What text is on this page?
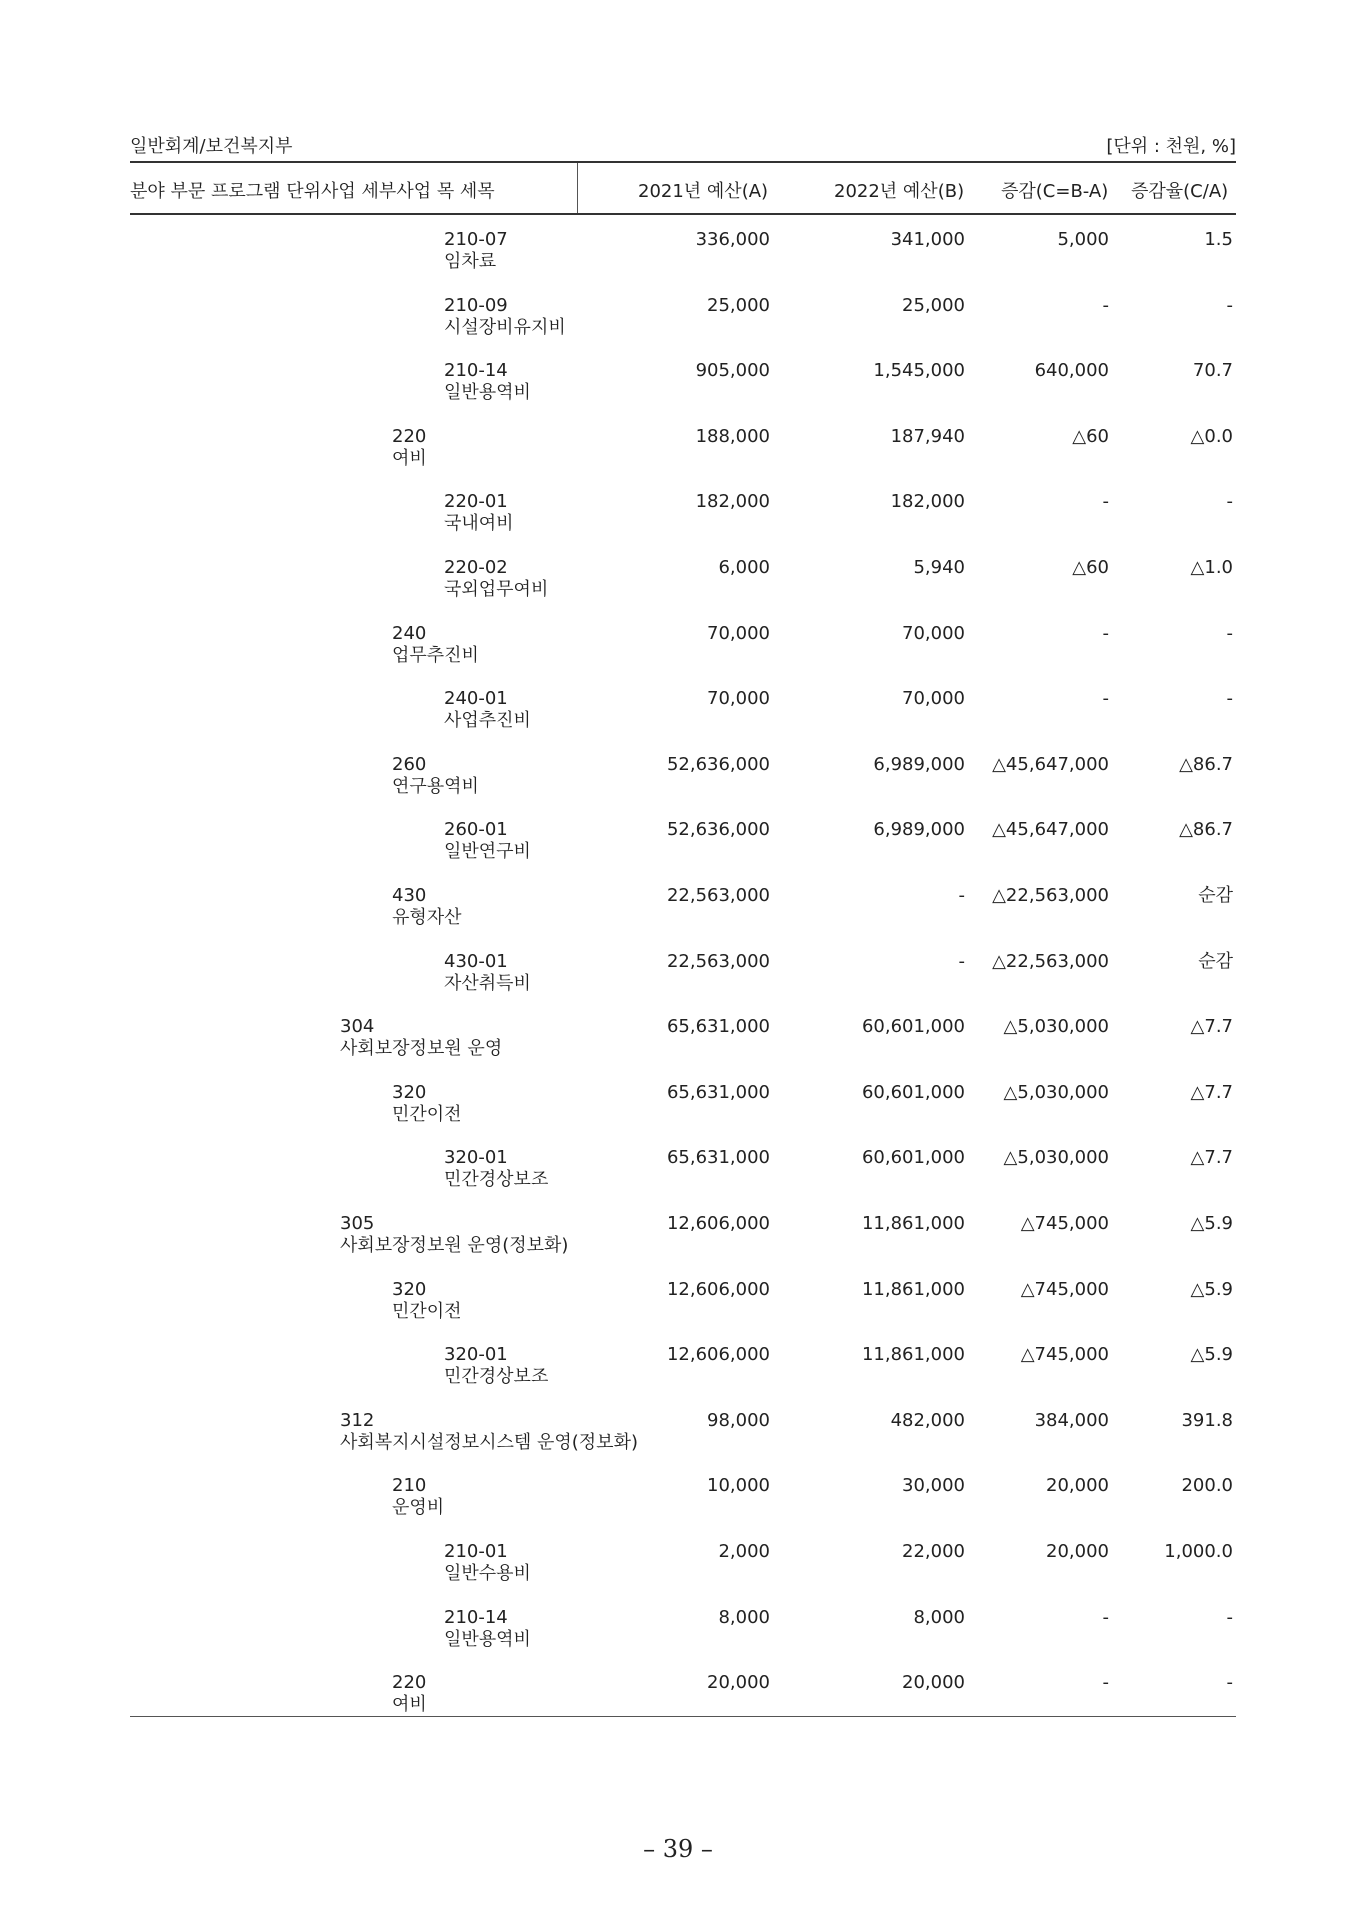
일반회계/보건복지부	[단위 : 천원, %]
분야 부문 프로그램 단위사업 세부사업 목 세목	2021년 예산(A)	2022년 예산(B) 증감(C=B-A) 증감율(C/A)
210-07
임차료
336,000	341,000	5,000	1.5
210-09
시설장비유지비
25,000	25,000	-	-
210-14
일반용역비
905,000	1,545,000	640,000	70.7
220
여비
188,000	187,940	△60	△0.0
220-01
국내여비
182,000	182,000	-	-
220-02
국외업무여비
6,000	5,940	△60	△1.0
240
업무추진비
70,000	70,000	-	-
240-01
사업추진비
70,000	70,000	-	-
260
연구용역비
52,636,000	6,989,000 △45,647,000	△86.7
260-01
일반연구비
52,636,000	6,989,000 △45,647,000	△86.7
430
유형자산
22,563,000	- △22,563,000	순감
430-01
자산취득비
22,563,000	- △22,563,000	순감
304
사회보장정보원 운영
65,631,000	60,601,000 △5,030,000	△7.7
320
민간이전
65,631,000	60,601,000 △5,030,000	△7.7
320-01
민간경상보조
65,631,000	60,601,000 △5,030,000	△7.7
305
사회보장정보원 운영(정보화)
12,606,000	11,861,000	△745,000	△5.9
320
민간이전
12,606,000	11,861,000	△745,000	△5.9
320-01
민간경상보조
12,606,000	11,861,000	△745,000	△5.9
312
사회복지시설정보시스템 운영(정보화)
98,000	482,000	384,000	391.8
210
운영비
10,000	30,000	20,000	200.0
210-01
일반수용비
2,000	22,000	20,000	1,000.0
210-14
일반용역비
8,000	8,000	-	-
220
여비
20,000	20,000	-	-
– 39 –
